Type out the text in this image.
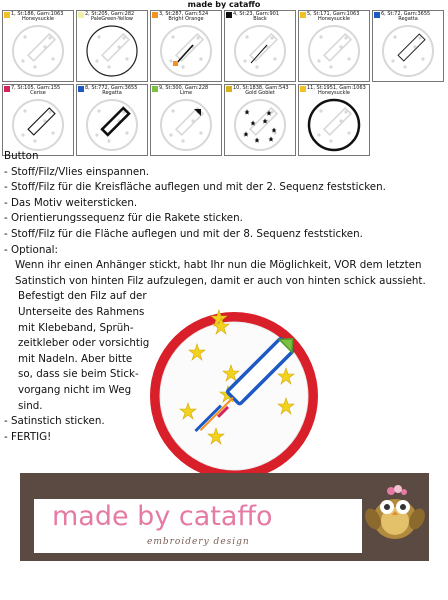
made by cataffo
1, St:186, Garn:1063
Honeysuckle
2, St:205, Garn:282
PaleGreen-Yellow
3, St:287, Garn:524
Bright Orange
4, St:23, Garn:901
Black
5, St:171, Garn:1063
Honeysuckle
6, St:72, Garn:3655
Regatta
7, St:105, Garn:155
Cerise
8, St:772, Garn:3655
Regatta
9, St:300, Garn:228
Lime
10, St:1838, Garn:543
Gold Goblet
11, St:1951, Garn:1063
Honeysuckle
Button
- Stoff/Filz/Vlies einspannen.
- Stoff/Filz für die Kreisfläche auflegen und mit der 2. Sequenz feststicken.
- Das Motiv weitersticken.
- Orientierungssequenz für die Rakete sticken.
- Stoff/Filz für die Fläche auflegen und mit der 8. Sequenz feststicken.
- Optional:
Wenn ihr einen Anhänger stickt, habt Ihr nun die Möglichkeit, VOR dem letzten
Satinstich von hinten Filz aufzulegen, damit er auch von hinten schick aussieht.
Befestigt den Filz auf der
Unterseite des Rahmens
mit Klebeband, Sprüh-
zeitkleber oder vorsichtig
mit Nadeln. Aber bitte
so, dass sie beim Stick-
vorgang nicht im Weg
sind.
- Satinstich sticken.
- FERTIG!
made by cataffo
embroidery design
